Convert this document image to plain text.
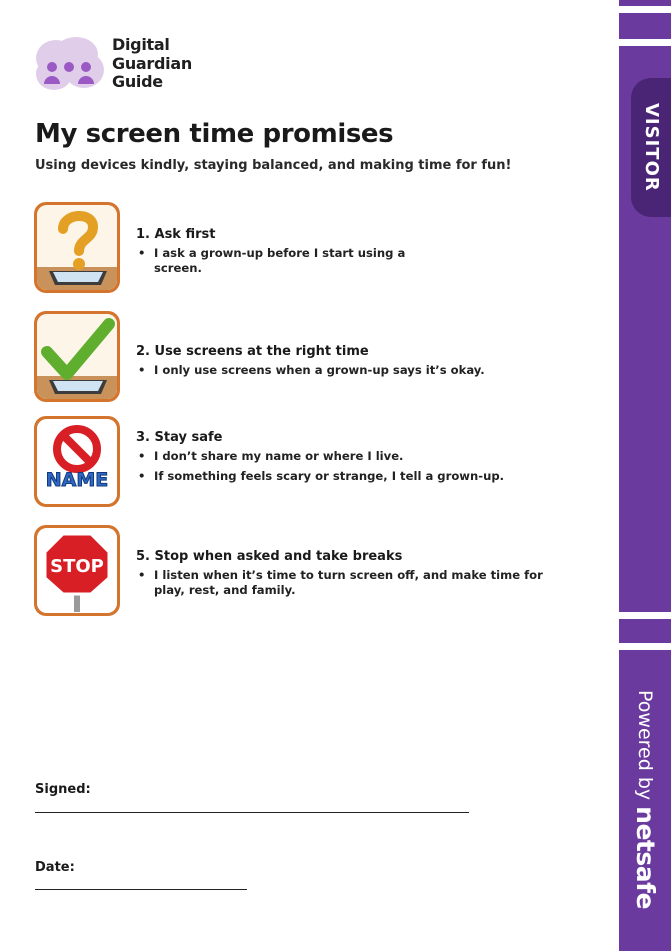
Digital
Guardian
Guide
My screen time promises

Using devices kindly, staying balanced, and making time for fun!

1. Ask first

• I ask a grown-up before I start using a screen.

2. Use screens at the right time

• I only use screens when a grown-up says it’s okay.
NAME

3. Stay safe

• I don’t share my name or where I live.
• If something feels scary or strange, I tell a grown-up.
STOP 5. Stop when asked and take breaks

• I listen when it’s time to turn screen off, and make time for play, rest, and family.

Signed:

Date:

VISITOR
Powered by netsafe
